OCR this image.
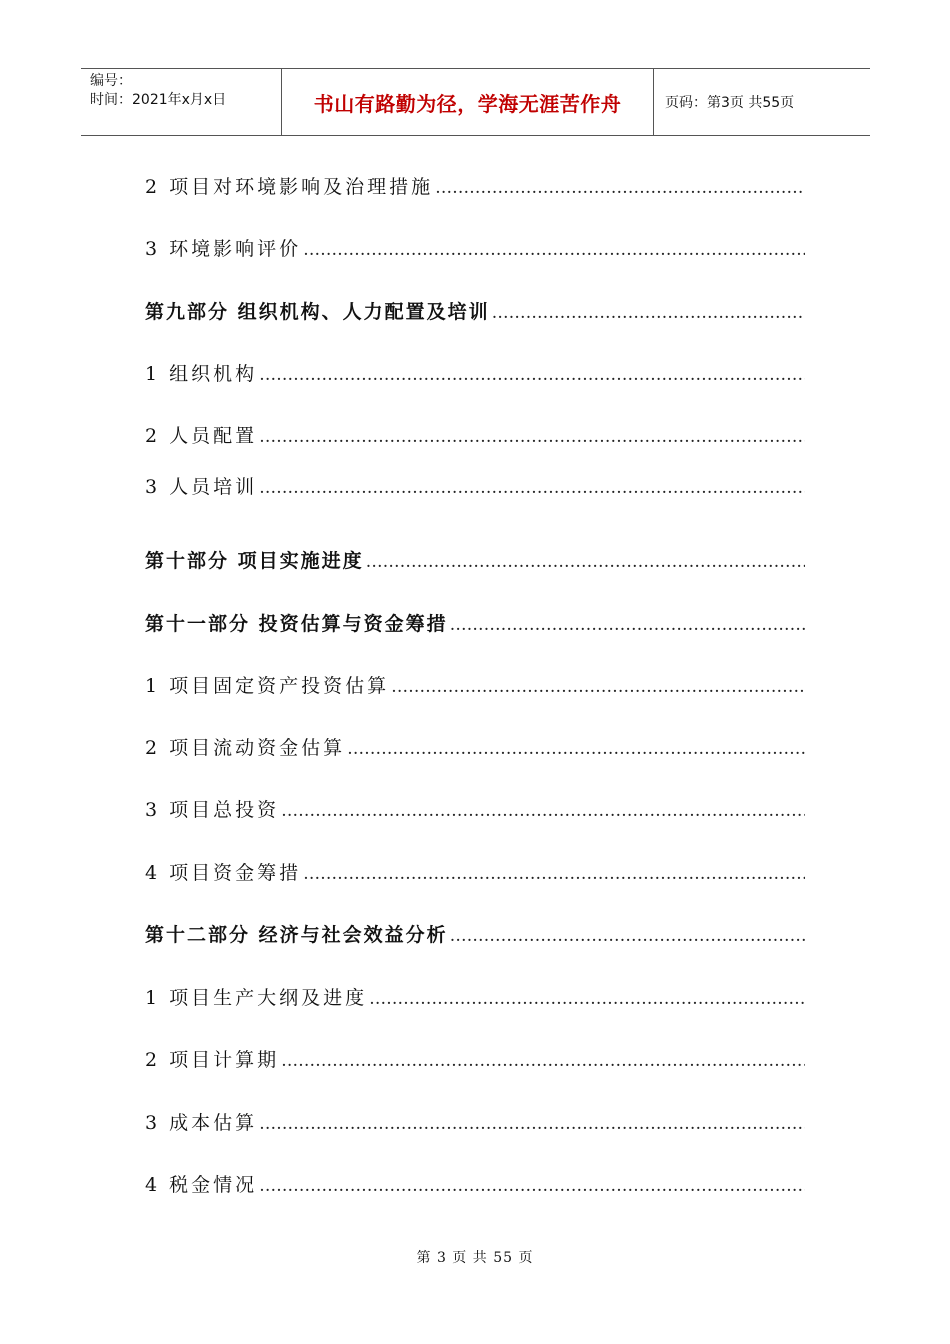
编号：
时间：2021年x月x日	书山有路勤为径，学海无涯苦作舟	页码：第3页 共55页
2 项目对环境影响及治理措施
………………………………………………………………………………………………………………………………………………
3 环境影响评价
………………………………………………………………………………………………………………………………………………
第九部分 组织机构、人力配置及培训
………………………………………………………………………………………………………………………………………………
1 组织机构
………………………………………………………………………………………………………………………………………………
2 人员配置
………………………………………………………………………………………………………………………………………………
3 人员培训
………………………………………………………………………………………………………………………………………………
第十部分 项目实施进度
………………………………………………………………………………………………………………………………………………
第十一部分 投资估算与资金筹措
………………………………………………………………………………………………………………………………………………
1 项目固定资产投资估算
………………………………………………………………………………………………………………………………………………
2 项目流动资金估算
………………………………………………………………………………………………………………………………………………
3 项目总投资
………………………………………………………………………………………………………………………………………………
4 项目资金筹措
………………………………………………………………………………………………………………………………………………
第十二部分 经济与社会效益分析
………………………………………………………………………………………………………………………………………………
1 项目生产大纲及进度
………………………………………………………………………………………………………………………………………………
2 项目计算期
………………………………………………………………………………………………………………………………………………
3 成本估算
………………………………………………………………………………………………………………………………………………
4 税金情况
………………………………………………………………………………………………………………………………………………
第 3 页 共 55 页
